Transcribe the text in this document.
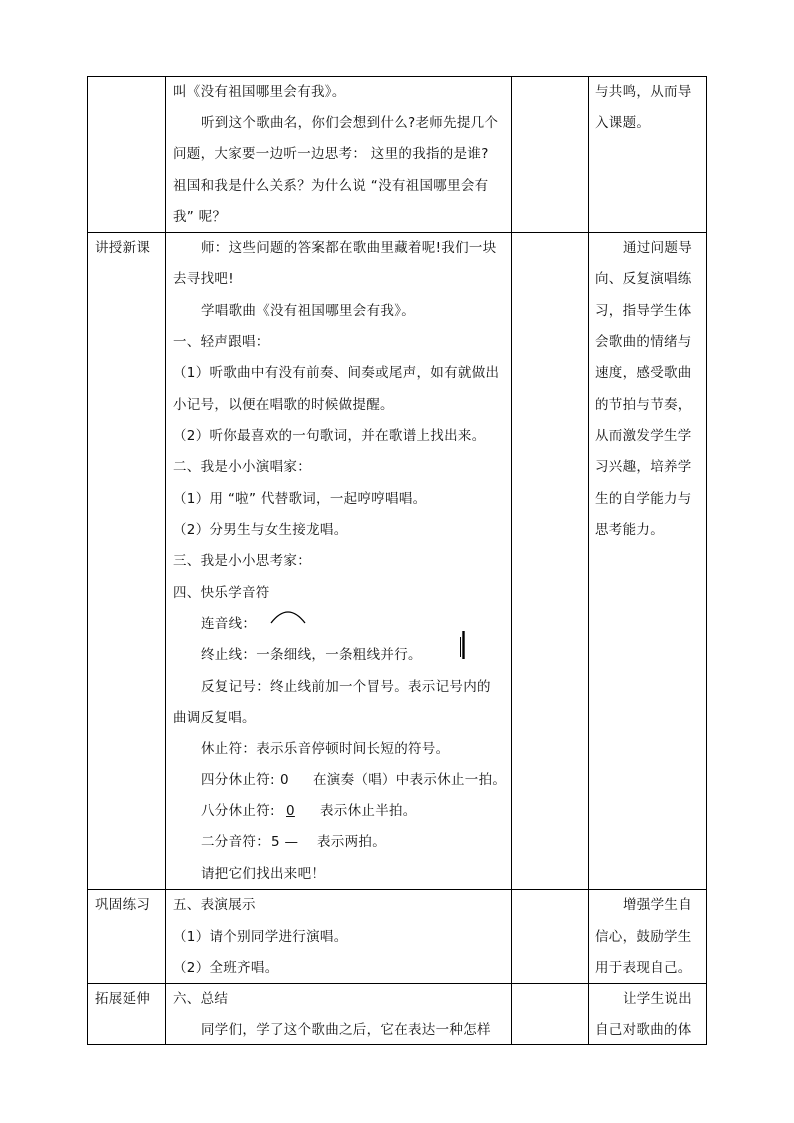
叫《没有祖国哪里会有我》。
听到这个歌曲名，你们会想到什么?老师先提几个
问题，大家要一边听一边思考： 这里的我指的是谁?
祖国和我是什么关系？为什么说 “没有祖国哪里会有
我” 呢？
与共鸣，从而导
入课题。
讲授新课	师：这些问题的答案都在歌曲里藏着呢!我们一块
去寻找吧!
学唱歌曲《没有祖国哪里会有我》。
一、轻声跟唱：
（1）听歌曲中有没有前奏、间奏或尾声，如有就做出
小记号，以便在唱歌的时候做提醒。
（2）听你最喜欢的一句歌词，并在歌谱上找出来。
二、我是小小演唱家：
（1）用 “啦” 代替歌词，一起哼哼唱唱。
（2）分男生与女生接龙唱。
三、我是小小思考家：
四、快乐学音符
连音线：
终止线：一条细线，一条粗线并行。
反复记号：终止线前加一个冒号。表示记号内的
曲调反复唱。
休止符：表示乐音停顿时间长短的符号。
四分休止符: 0 在演奏（唱）中表示休止一拍。
八分休止符: 0 表示休止半拍。
二分音符： 5 — 表示两拍。
请把它们找出来吧！
通过问题导
向、反复演唱练
习，指导学生体
会歌曲的情绪与
速度，感受歌曲
的节拍与节奏，
从而激发学生学
习兴趣，培养学
生的自学能力与
思考能力。
巩固练习 五、表演展示
（1）请个别同学进行演唱。
（2）全班齐唱。
增强学生自
信心，鼓励学生
用于表现自己。
拓展延伸 六、总结
同学们，学了这个歌曲之后，它在表达一种怎样
让学生说出
自己对歌曲的体
